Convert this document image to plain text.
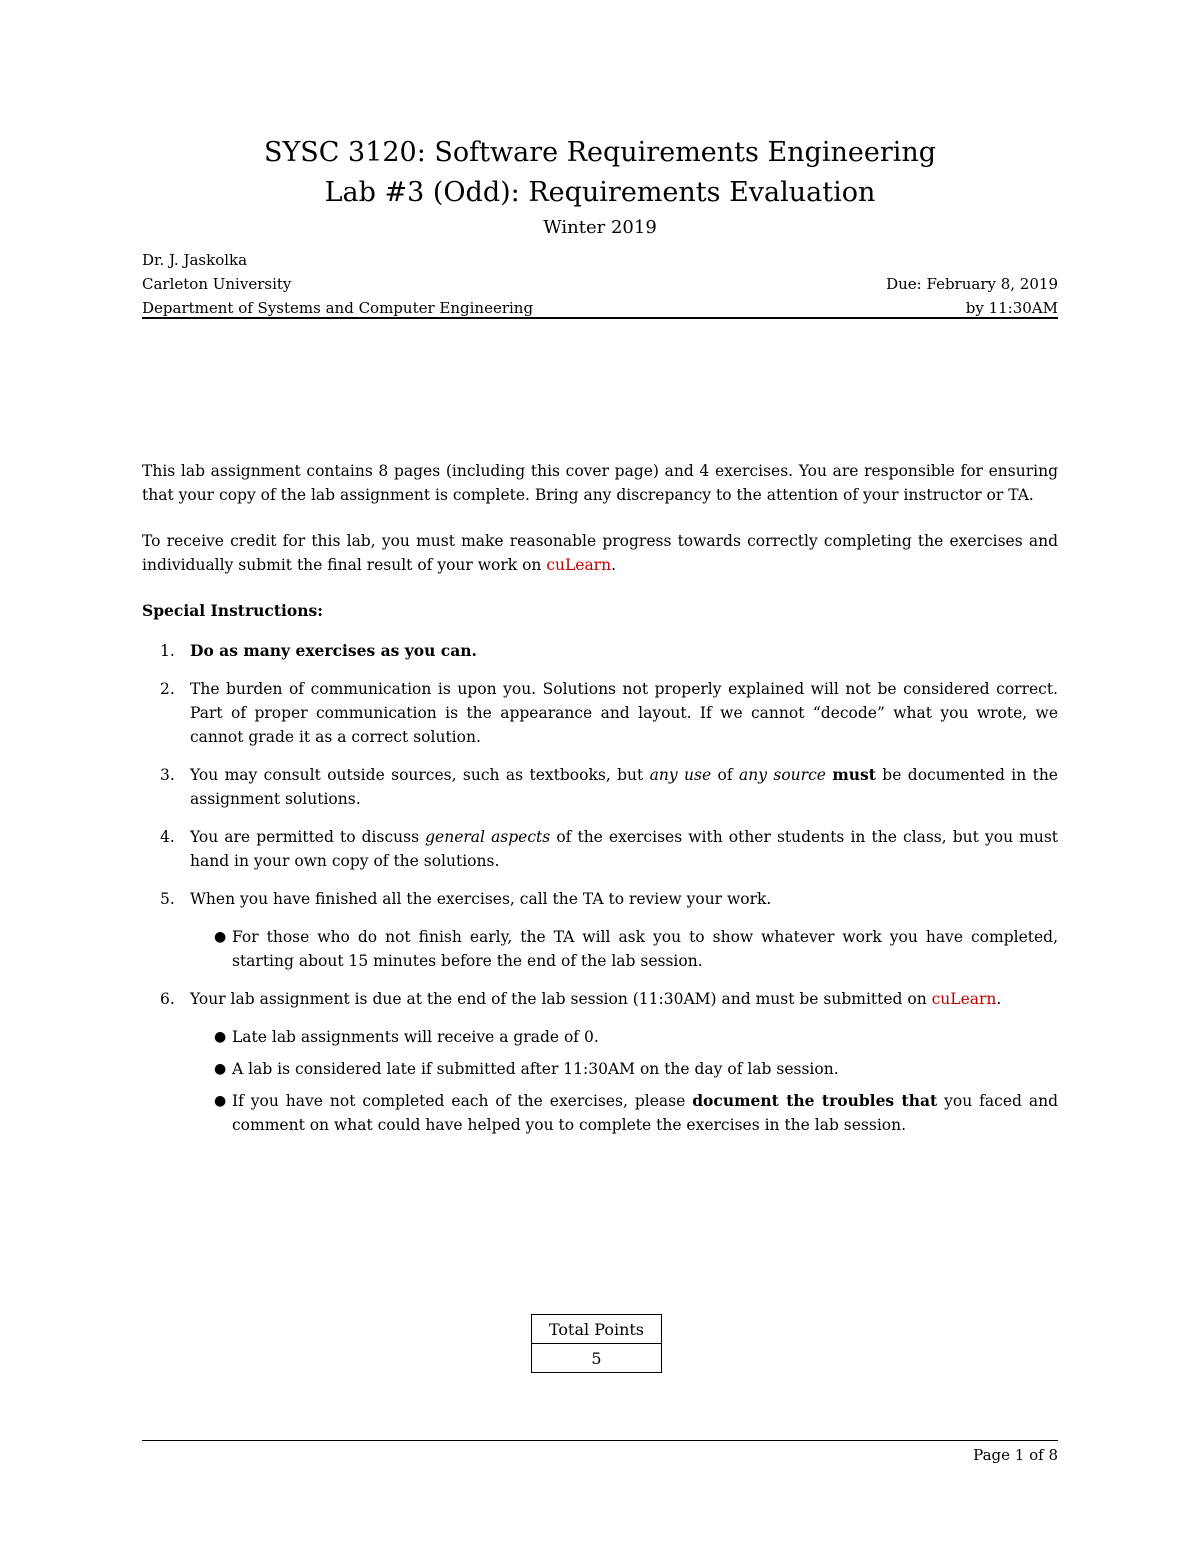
SYSC 3120: Software Requirements Engineering
Lab #3 (Odd): Requirements Evaluation
Winter 2019
Dr. J. Jaskolka
Carleton University	Due: February 8, 2019
Department of Systems and Computer Engineering	by 11:30AM

This lab assignment contains 8 pages (including this cover page) and 4 exercises. You are responsible for ensuring that your copy of the lab assignment is complete. Bring any discrepancy to the attention of your instructor or TA.

To receive credit for this lab, you must make reasonable progress towards correctly completing the exercises and individually submit the final result of your work on cuLearn.

Special Instructions:

1. Do as many exercises as you can.
2. The burden of communication is upon you. Solutions not properly explained will not be considered correct. Part of proper communication is the appearance and layout. If we cannot “decode” what you wrote, we cannot grade it as a correct solution.
3. You may consult outside sources, such as textbooks, but any use of any source must be documented in the assignment solutions.
4. You are permitted to discuss general aspects of the exercises with other students in the class, but you must hand in your own copy of the solutions.
5. When you have finished all the exercises, call the TA to review your work.
● For those who do not finish early, the TA will ask you to show whatever work you have completed, starting about 15 minutes before the end of the lab session.
6. Your lab assignment is due at the end of the lab session (11:30AM) and must be submitted on cuLearn.
● Late lab assignments will receive a grade of 0.
● A lab is considered late if submitted after 11:30AM on the day of lab session.
● If you have not completed each of the exercises, please document the troubles that you faced and comment on what could have helped you to complete the exercises in the lab session.
Total Points
5
Page 1 of 8
